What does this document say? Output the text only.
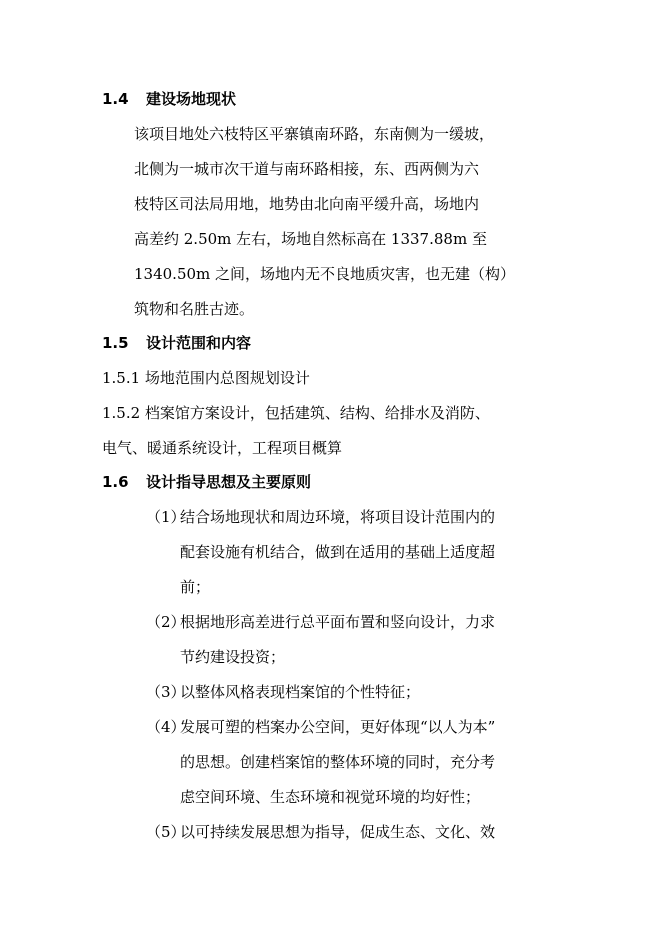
1.4 建设场地现状
该项目地处六枝特区平寨镇南环路，东南侧为一缓坡，
北侧为一城市次干道与南环路相接，东、西两侧为六
枝特区司法局用地，地势由北向南平缓升高，场地内
高差约 2.50m 左右，场地自然标高在 1337.88m 至
1340.50m 之间，场地内无不良地质灾害，也无建（构）
筑物和名胜古迹。
1.5 设计范围和内容
1.5.1 场地范围内总图规划设计
1.5.2 档案馆方案设计，包括建筑、结构、给排水及消防、
电气、暖通系统设计，工程项目概算
1.6 设计指导思想及主要原则
（1）结合场地现状和周边环境，将项目设计范围内的
配套设施有机结合，做到在适用的基础上适度超
前；
（2）根据地形高差进行总平面布置和竖向设计，力求
节约建设投资；
（3）以整体风格表现档案馆的个性特征；
（4）发展可塑的档案办公空间，更好体现“以人为本”
的思想。创建档案馆的整体环境的同时，充分考
虑空间环境、生态环境和视觉环境的均好性；
（5）以可持续发展思想为指导，促成生态、文化、效
